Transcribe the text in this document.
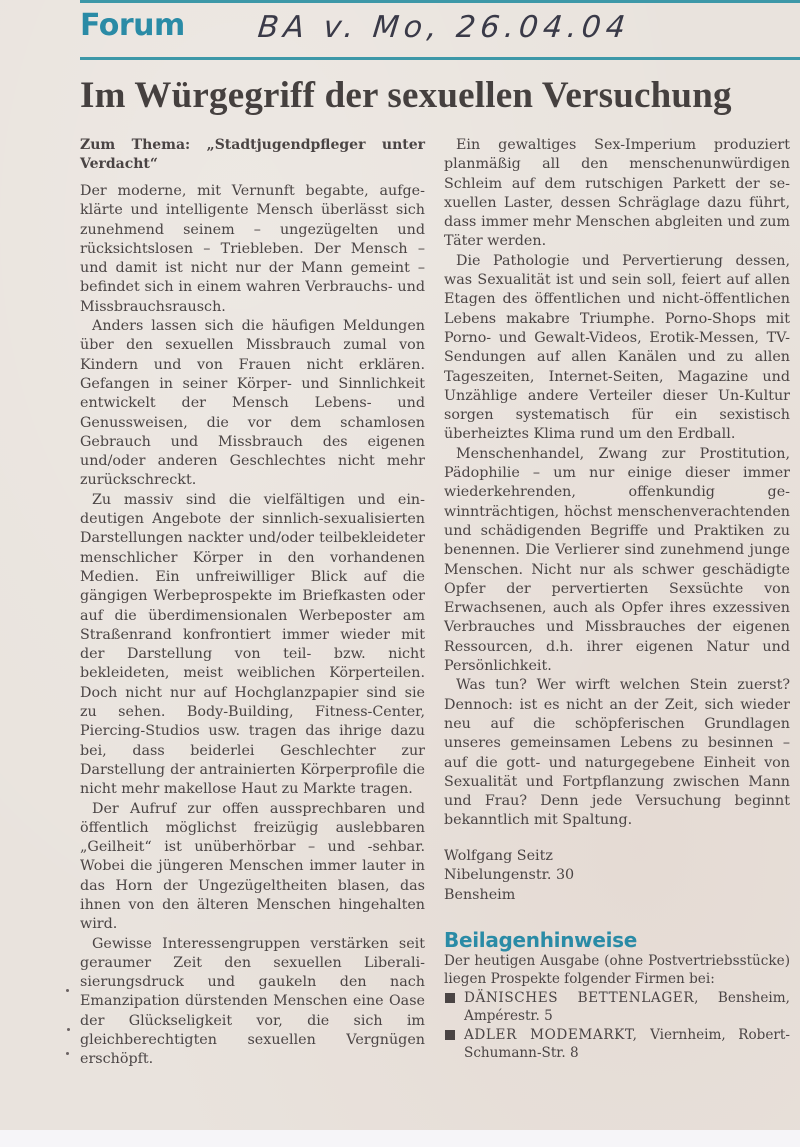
Forum BA v. Mo, 26.04.04
Im Würgegriff der sexuellen Versuchung

Zum Thema: „Stadtjugendpfleger unter Verdacht“

Der moderne, mit Vernunft begabte, aufgeklärte und intelligente Mensch überlässt sich zunehmend seinem – ungezügelten und rücksichtslosen – Triebleben. Der Mensch – und damit ist nicht nur der Mann gemeint – befindet sich in einem wahren Verbrauchs- und Missbrauchsrausch.

Anders lassen sich die häufigen Meldungen über den sexuellen Missbrauch zumal von Kindern und von Frauen nicht erklären. Gefangen in seiner Körper- und Sinnlichkeit entwickelt der Mensch Lebens- und Genussweisen, die vor dem schamlosen Gebrauch und Missbrauch des eigenen und/oder anderen Geschlechtes nicht mehr zurückschreckt.

Zu massiv sind die vielfältigen und eindeutigen Angebote der sinnlich-sexualisierten Darstellungen nackter und/oder teilbekleideter menschlicher Körper in den vorhandenen Medien. Ein unfreiwilliger Blick auf die gängigen Werbeprospekte im Briefkasten oder auf die überdimensionalen Werbeposter am Straßenrand konfrontiert immer wieder mit der Darstellung von teil- bzw. nicht bekleideten, meist weiblichen Körperteilen. Doch nicht nur auf Hochglanzpapier sind sie zu sehen. Body-Building, Fitness-Center, Piercing-Studios usw. tragen das ihrige dazu bei, dass beiderlei Geschlechter zur Darstellung der antrainierten Körperprofile die nicht mehr makellose Haut zu Markte tragen.

Der Aufruf zur offen aussprechbaren und öffentlich möglichst freizügig auslebbaren „Geilheit“ ist unüberhörbar – und -sehbar. Wobei die jüngeren Menschen immer lauter in das Horn der Ungezügeltheiten blasen, das ihnen von den älteren Menschen hingehalten wird.

Gewisse Interessengruppen verstärken seit geraumer Zeit den sexuellen Liberalisierungsdruck und gaukeln den nach Emanzipation dürstenden Menschen eine Oase der Glückseligkeit vor, die sich im gleichberechtigten sexuellen Vergnügen erschöpft.

Ein gewaltiges Sex-Imperium produziert planmäßig all den menschenunwürdigen Schleim auf dem rutschigen Parkett der sexuellen Laster, dessen Schräglage dazu führt, dass immer mehr Menschen abgleiten und zum Täter werden.

Die Pathologie und Pervertierung dessen, was Sexualität ist und sein soll, feiert auf allen Etagen des öffentlichen und nicht-öffentlichen Lebens makabre Triumphe. Porno-Shops mit Porno- und Gewalt-Videos, Erotik-Messen, TV-Sendungen auf allen Kanälen und zu allen Tageszeiten, Internet-Seiten, Magazine und Unzählige andere Verteiler dieser Un-Kultur sorgen systematisch für ein sexistisch überheiztes Klima rund um den Erdball.

Menschenhandel, Zwang zur Prostitution, Pädophilie – um nur einige dieser immer wiederkehrenden, offenkundig gewinnträchtigen, höchst menschenverachtenden und schädigenden Begriffe und Praktiken zu benennen. Die Verlierer sind zunehmend junge Menschen. Nicht nur als schwer geschädigte Opfer der pervertierten Sexsüchte von Erwachsenen, auch als Opfer ihres exzessiven Verbrauches und Missbrauches der eigenen Ressourcen, d.h. ihrer eigenen Natur und Persönlichkeit.

Was tun? Wer wirft welchen Stein zuerst? Dennoch: ist es nicht an der Zeit, sich wieder neu auf die schöpferischen Grundlagen unseres gemeinsamen Lebens zu besinnen – auf die gott- und naturgegebene Einheit von Sexualität und Fortpflanzung zwischen Mann und Frau? Denn jede Versuchung beginnt bekanntlich mit Spaltung.

Wolfgang Seitz
Nibelungenstr. 30
Bensheim
Beilagenhinweise

Der heutigen Ausgabe (ohne Postvertriebsstücke) liegen Prospekte folgender Firmen bei:

DÄNISCHES BETTENLAGER, Bensheim, Ampérestr. 5
ADLER MODEMARKT, Viernheim, Robert-Schumann-Str. 8
